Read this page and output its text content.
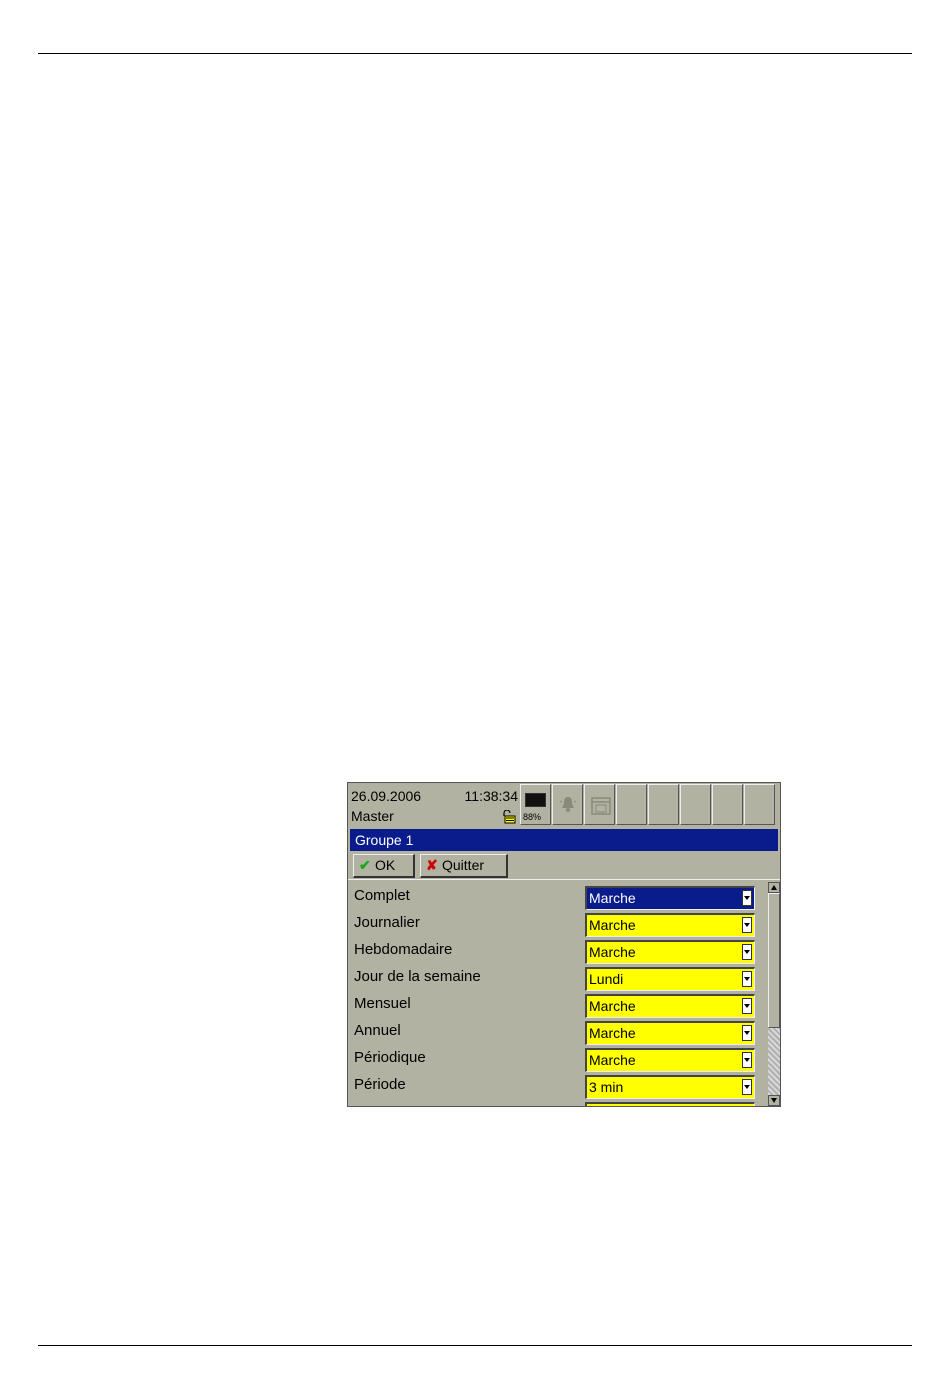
26.09.2006	11:38:34
Master	88%
Groupe 1
✔ OK	✘ Quitter
Complet	Marche
Journalier	Marche
Hebdomadaire	Marche
Jour de la semaine	Lundi
Mensuel	Marche
Annuel	Marche
Périodique	Marche
Période	3 min
